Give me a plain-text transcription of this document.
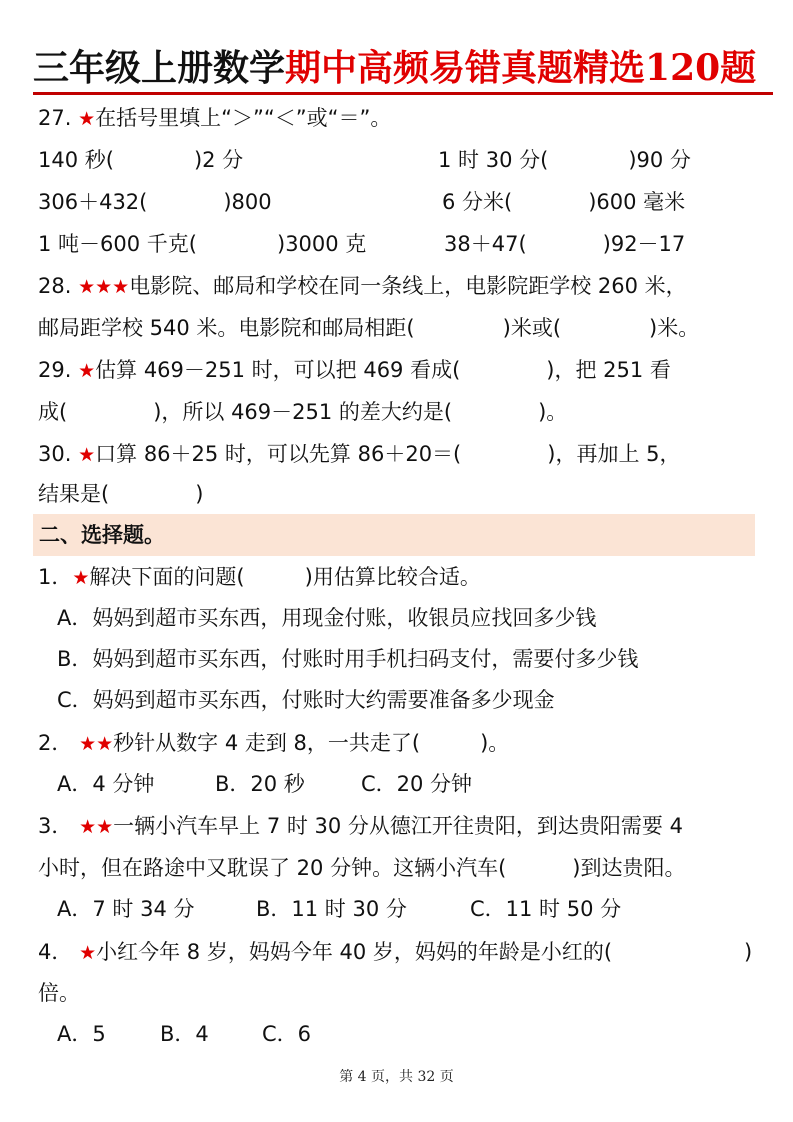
三年级上册数学期中高频易错真题精选120题
27. ★在括号里填上“＞”“＜”或“＝”。
140 秒(	)2 分	1 时 30 分(	)90 分
306＋432(	)800	6 分米(	)600 毫米
1 吨－600 千克(	)3000 克	38＋47(	)92－17
28. ★★★电影院、邮局和学校在同一条线上，电影院距学校 260 米，
邮局距学校 540 米。电影院和邮局相距(	)米或(	)米。
29. ★估算 469－251 时，可以把 469 看成(	)，把 251 看
成(	)，所以 469－251 的差大约是(	)。
30. ★口算 86＋25 时，可以先算 86＋20＝(	)，再加上 5，
结果是(	)
二、选择题。
1．★解决下面的问题(	)用估算比较合适。
A．妈妈到超市买东西，用现金付账，收银员应找回多少钱
B．妈妈到超市买东西，付账时用手机扫码支付，需要付多少钱
C．妈妈到超市买东西，付账时大约需要准备多少现金
2． ★★秒针从数字 4 走到 8，一共走了(	)。
A．4 分钟	B．20 秒	C．20 分钟
3． ★★一辆小汽车早上 7 时 30 分从德江开往贵阳，到达贵阳需要 4
小时，但在路途中又耽误了 20 分钟。这辆小汽车(	)到达贵阳。
A．7 时 34 分	B．11 时 30 分	C．11 时 50 分
4． ★小红今年 8 岁，妈妈今年 40 岁，妈妈的年龄是小红的(	)
倍。
A．5	B．4	C．6
第 4 页，共 32 页
